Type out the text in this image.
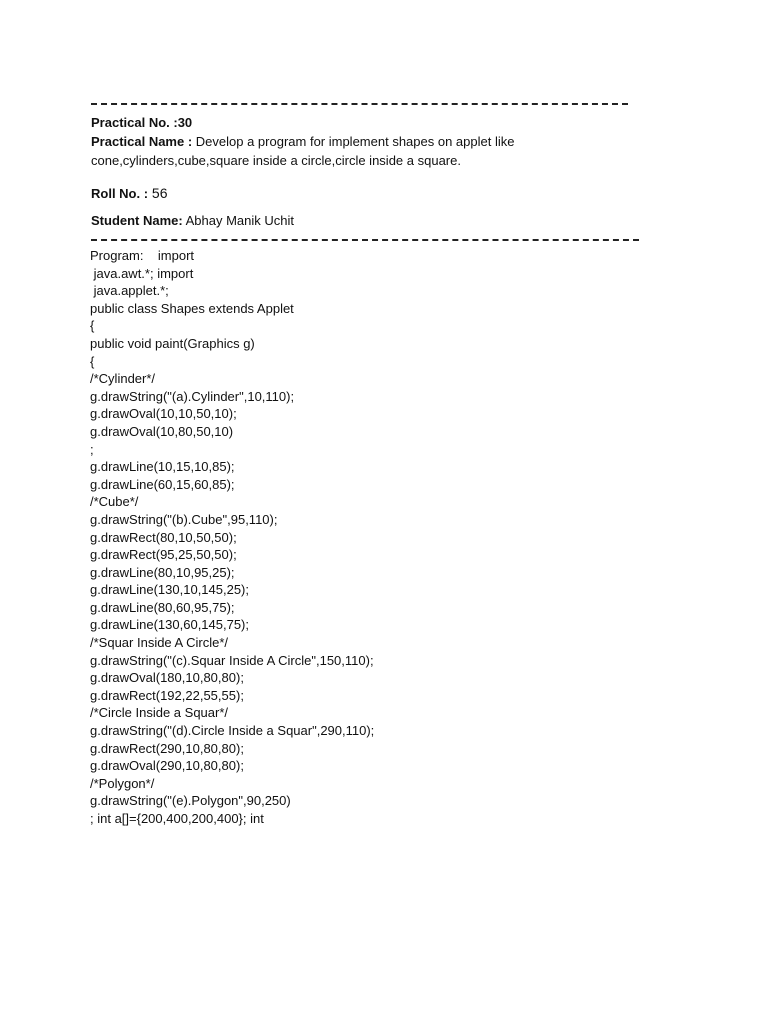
Practical No. :30
Practical Name : Develop a program for implement shapes on applet like
cone,cylinders,cube,square inside a circle,circle inside a square.
Roll No. : 56
Student Name: Abhay Manik Uchit
Program:    import
java.awt.*; import
java.applet.*;
public class Shapes extends Applet
{
public void paint(Graphics g)
{
/*Cylinder*/
g.drawString("(a).Cylinder",10,110);
g.drawOval(10,10,50,10);
g.drawOval(10,80,50,10)
;
g.drawLine(10,15,10,85);
g.drawLine(60,15,60,85);
/*Cube*/
g.drawString("(b).Cube",95,110);
g.drawRect(80,10,50,50);
g.drawRect(95,25,50,50);
g.drawLine(80,10,95,25);
g.drawLine(130,10,145,25);
g.drawLine(80,60,95,75);
g.drawLine(130,60,145,75);
/*Squar Inside A Circle*/
g.drawString("(c).Squar Inside A Circle",150,110);
g.drawOval(180,10,80,80);
g.drawRect(192,22,55,55);
/*Circle Inside a Squar*/
g.drawString("(d).Circle Inside a Squar",290,110);
g.drawRect(290,10,80,80);
g.drawOval(290,10,80,80);
/*Polygon*/
g.drawString("(e).Polygon",90,250)
; int a[]={200,400,200,400}; int
